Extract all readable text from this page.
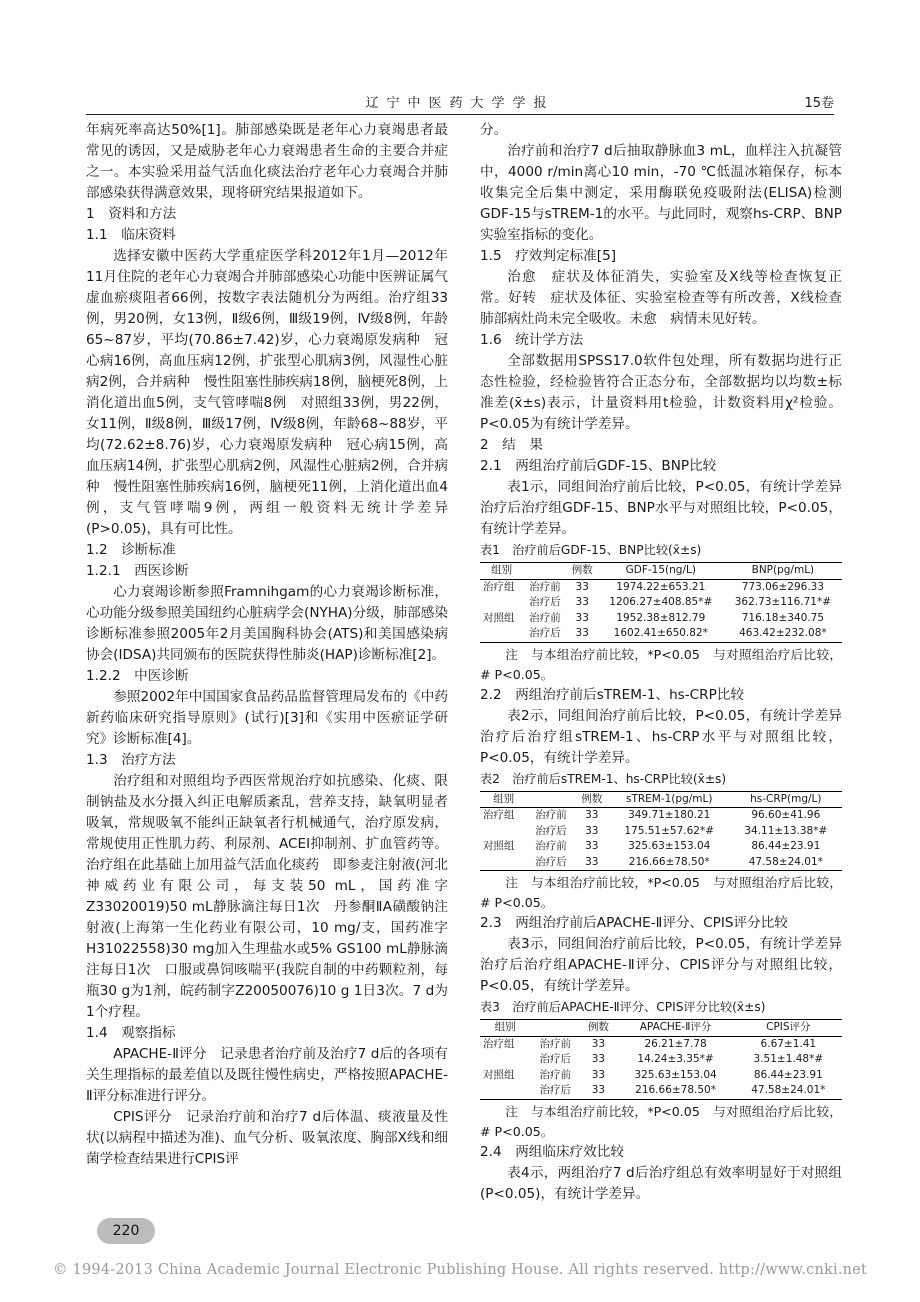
辽宁中医药大学学报	15卷

年病死率高达50%[1]。肺部感染既是老年心力衰竭患者最常见的诱因，又是威胁老年心力衰竭患者生命的主要合并症之一。本实验采用益气活血化痰法治疗老年心力衰竭合并肺部感染获得满意效果，现将研究结果报道如下。

1　资料和方法

1.1　临床资料

选择安徽中医药大学重症医学科2012年1月—2012年11月住院的老年心力衰竭合并肺部感染心功能中医辨证属气虚血瘀痰阻者66例，按数字表法随机分为两组。治疗组33例，男20例，女13例，Ⅱ级6例，Ⅲ级19例，Ⅳ级8例，年龄65~87岁，平均(70.86±7.42)岁，心力衰竭原发病种　冠心病16例，高血压病12例，扩张型心肌病3例，风湿性心脏病2例，合并病种　慢性阻塞性肺疾病18例，脑梗死8例，上消化道出血5例，支气管哮喘8例　对照组33例，男22例，女11例，Ⅱ级8例，Ⅲ级17例，Ⅳ级8例，年龄68~88岁，平均(72.62±8.76)岁，心力衰竭原发病种　冠心病15例，高血压病14例，扩张型心肌病2例，风湿性心脏病2例，合并病种　慢性阻塞性肺疾病16例，脑梗死11例，上消化道出血4例，支气管哮喘9例，两组一般资料无统计学差异(P>0.05)，具有可比性。

1.2　诊断标准

1.2.1　西医诊断

心力衰竭诊断参照Framnihgam的心力衰竭诊断标准，心功能分级参照美国纽约心脏病学会(NYHA)分级，肺部感染诊断标准参照2005年2月美国胸科协会(ATS)和美国感染病协会(IDSA)共同颁布的医院获得性肺炎(HAP)诊断标准[2]。

1.2.2　中医诊断

参照2002年中国国家食品药品监督管理局发布的《中药新药临床研究指导原则》(试行)[3]和《实用中医瘀证学研究》诊断标准[4]。

1.3　治疗方法

治疗组和对照组均予西医常规治疗如抗感染、化痰、限制钠盐及水分摄入纠正电解质紊乱，营养支持，缺氧明显者吸氧，常规吸氧不能纠正缺氧者行机械通气，治疗原发病，常规使用正性肌力药、利尿剂、ACEI抑制剂、扩血管药等。治疗组在此基础上加用益气活血化痰药　即参麦注射液(河北神威药业有限公司，每支装50 mL，国药准字Z33020019)50 mL静脉滴注每日1次　丹参酮ⅡA磺酸钠注射液(上海第一生化药业有限公司，10 mg/支，国药准字H31022558)30 mg加入生理盐水或5% GS100 mL静脉滴注每日1次　口服或鼻饲咳喘平(我院自制的中药颗粒剂，每瓶30 g为1剂，皖药制字Z20050076)10 g 1日3次。7 d为1个疗程。

1.4　观察指标

APACHE-Ⅱ评分　记录患者治疗前及治疗7 d后的各项有关生理指标的最差值以及既往慢性病史，严格按照APACHE-Ⅱ评分标准进行评分。

CPIS评分　记录治疗前和治疗7 d后体温、痰液量及性状(以病程中描述为准)、血气分析、吸氧浓度、胸部X线和细菌学检查结果进行CPIS评

分。

治疗前和治疗7 d后抽取静脉血3 mL，血样注入抗凝管中，4000 r/min离心10 min，-70 ℃低温冰箱保存，标本收集完全后集中测定，采用酶联免疫吸附法(ELISA)检测GDF-15与sTREM-1的水平。与此同时，观察hs-CRP、BNP实验室指标的变化。

1.5　疗效判定标准[5]

治愈　症状及体征消失，实验室及X线等检查恢复正常。好转　症状及体征、实验室检查等有所改善，X线检查肺部病灶尚未完全吸收。未愈　病情未见好转。

1.6　统计学方法

全部数据用SPSS17.0软件包处理，所有数据均进行正态性检验，经检验皆符合正态分布，全部数据均以均数±标准差(x̄±s)表示，计量资料用t检验，计数资料用χ²检验。P<0.05为有统计学差异。

2　结　果

2.1　两组治疗前后GDF-15、BNP比较

表1示，同组间治疗前后比较，P<0.05，有统计学差异　治疗后治疗组GDF-15、BNP水平与对照组比较，P<0.05，有统计学差异。

表1　治疗前后GDF-15、BNP比较(x̄±s)

组别		例数	GDF-15(ng/L)	BNP(pg/mL)
治疗组	治疗前	33	1974.22±653.21	773.06±296.33
	治疗后	33	1206.27±408.85*#	362.73±116.71*#
对照组	治疗前	33	1952.38±812.79	716.18±340.75
	治疗后	33	1602.41±650.82*	463.42±232.08*

注　与本组治疗前比较，*P<0.05　与对照组治疗后比较，# P<0.05。

2.2　两组治疗前后sTREM-1、hs-CRP比较

表2示，同组间治疗前后比较，P<0.05，有统计学差异　治疗后治疗组sTREM-1、hs-CRP水平与对照组比较，P<0.05，有统计学差异。

表2　治疗前后sTREM-1、hs-CRP比较(x̄±s)

组别		例数	sTREM-1(pg/mL)	hs-CRP(mg/L)
治疗组	治疗前	33	349.71±180.21	96.60±41.96
	治疗后	33	175.51±57.62*#	34.11±13.38*#
对照组	治疗前	33	325.63±153.04	86.44±23.91
	治疗后	33	216.66±78.50*	47.58±24.01*

注　与本组治疗前比较，*P<0.05　与对照组治疗后比较，# P<0.05。

2.3　两组治疗前后APACHE-Ⅱ评分、CPIS评分比较

表3示，同组间治疗前后比较，P<0.05，有统计学差异　治疗后治疗组APACHE-Ⅱ评分、CPIS评分与对照组比较，P<0.05，有统计学差异。

表3　治疗前后APACHE-Ⅱ评分、CPIS评分比较(x̄±s)

组别		例数	APACHE-Ⅱ评分	CPIS评分
治疗组	治疗前	33	26.21±7.78	6.67±1.41
	治疗后	33	14.24±3.35*#	3.51±1.48*#
对照组	治疗前	33	325.63±153.04	86.44±23.91
	治疗后	33	216.66±78.50*	47.58±24.01*

注　与本组治疗前比较，*P<0.05　与对照组治疗后比较，# P<0.05。

2.4　两组临床疗效比较

表4示，两组治疗7 d后治疗组总有效率明显好于对照组(P<0.05)，有统计学差异。

220
© 1994-2013 China Academic Journal Electronic Publishing House. All rights reserved. http://www.cnki.net
